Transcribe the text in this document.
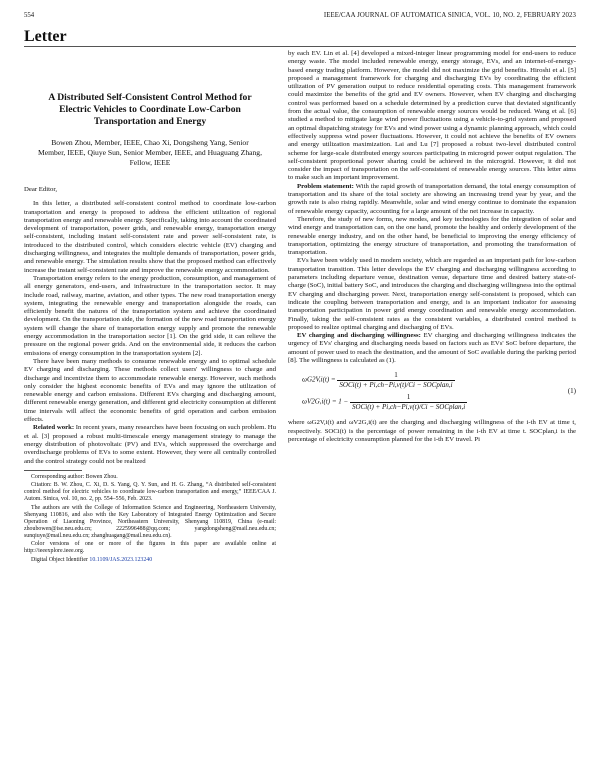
554	IEEE/CAA JOURNAL OF AUTOMATICA SINICA, VOL. 10, NO. 2, FEBRUARY 2023
Letter
A Distributed Self-Consistent Control Method for Electric Vehicles to Coordinate Low-Carbon Transportation and Energy
Bowen Zhou, Member, IEEE, Chao Xi, Dongsheng Yang, Senior Member, IEEE, Qiuye Sun, Senior Member, IEEE, and Huaguang Zhang, Fellow, IEEE
Dear Editor,

In this letter, a distributed self-consistent control method to coordinate low-carbon transportation and energy is proposed to address the efficient utilization of regional transportation energy and renewable energy. Specifically, taking into account the coordinated development of transportation, power grids, and renewable energy, transportation energy self-consistent, including instant self-consistent rate and power self-consistent rate, is introduced to the distributed control, which considers electric vehicle (EV) charging and discharging willingness, and integrates the multiple demands of transportation, power grids, and renewable energy. The simulation results show that the proposed method can effectively increase the instant self-consistent rate and improve the renewable energy accommodation.

Transportation energy refers to the energy production, consumption, and management of all energy generators, end-users, and infrastructure in the transportation sector. It may include road, railway, marine, aviation, and other types. The new road transportation energy system, integrating the renewable energy and transportation alongside the roads, can efficiently benefit the natures of the transportation system and achieve the coordinated development. On the transportation side, the formation of the new road transportation energy system will change the share of transportation energy supply and promote the renewable energy accommodation in the transportation sector [1]. On the grid side, it can relieve the pressure on the regional power grids. And on the environmental side, it reduces the carbon emissions of energy consumption in the transportation system [2].

There have been many methods to consume renewable energy and to optimal schedule EV charging and discharging. These methods collect users' willingness to charge and discharge and incentivize them to accommodate renewable energy. However, such methods only consider the highest economic benefits of EVs and may ignore the utilization of renewable energy and carbon emissions. Different EVs charging and discharging amount, different renewable energy generation, and different grid electricity consumption at different time intervals will affect the economic benefits of grid operation and carbon emission effects.

Related work: In recent years, many researches have been focusing on such problem. Hu et al. [3] proposed a robust multi-timescale energy management strategy to manage the energy distribution of photovoltaic (PV) and EVs, which suppressed the overcharge and overdischarge problems of EVs to some extent. However, they were all centrally controlled and the control strategy could not be realized

Corresponding author: Bowen Zhou.
Citation: B. W. Zhou, C. Xi, D. S. Yang, Q. Y. Sun, and H. G. Zhang, “A distributed self-consistent control method for electric vehicles to coordinate low-carbon transportation and energy,” IEEE/CAA J. Autom. Sinica, vol. 10, no. 2, pp. 554–556, Feb. 2023.
The authors are with the College of Information Science and Engineering, Northeastern University, Shenyang 110816, and also with the Key Laboratory of Integrated Energy Optimization and Secure Operation of Liaoning Province, Northeastern University, Shenyang 110819, China (e-mail: zhoubowen@ise.neu.edu.cn; 2225996488@qq.com; yangdongsheng@mail.neu.edu.cn; sunqiuye@mail.neu.edu.cn; zhanghuagang@mail.neu.edu.cn).
Color versions of one or more of the figures in this paper are available online at http://ieeexplore.ieee.org.
Digital Object Identifier 10.1109/JAS.2023.123240

by each EV. Lin et al. [4] developed a mixed-integer linear programming model for end-users to reduce energy waste. The model included renewable energy, energy storage, EVs, and an internet-of-energy-based energy trading platform. However, the model did not maximize the grid benefits. Hiroshi et al. [5] proposed a management framework for charging and discharging EVs by coordinating the efficient utilization of PV generation output to reduce residential operating costs. This management framework could maximize the benefits of the grid and EV owners. However, when EV charging and discharging control was performed based on a schedule determined by a prediction curve that deviated significantly from the actual value, the consumption of renewable energy sources would be reduced. Wang et al. [6] studied a method to mitigate large wind power fluctuations using a vehicle-to-grid system and proposed an optimal dispatching strategy for EVs and wind power using a dynamic planning approach, which could effectively suppress wind power fluctuations. However, it could not achieve the benefits of EV owners and energy utilization maximization. Lai and Lu [7] proposed a robust two-level distributed control scheme for large-scale distributed energy sources participating in microgrid power output regulation. The self-consistent proportional power sharing could be achieved in the microgrid. However, it did not consider the impact of transportation on the self-consistent of renewable energy sources. This letter aims to make such an important improvement.

Problem statement: With the rapid growth of transportation demand, the total energy consumption of transportation and its share of the total society are showing an increasing trend year by year, and the growth rate is also rising rapidly. Meanwhile, solar and wind energy continue to dominate the expansion of renewable energy capacity, accounting for a large amount of the net increase in capacity.

Therefore, the study of new forms, new modes, and key technologies for the integration of solar and wind energy and transportation can, on the one hand, promote the healthy and orderly development of the renewable energy industry, and on the other hand, be beneficial to improving the energy efficiency of transportation, optimizing the energy structure of transportation, and promoting the transformation of transportation.

EVs have been widely used in modern society, which are regarded as an important path for low-carbon transportation transition. This letter develops the EV charging and discharging willingness according to parameters including departure venue, destination venue, departure time and desired battery state-of-charge (SoC), initial battery SoC, and introduces the charging and discharging willingness into the optimal EV charging and discharging power. Next, transportation energy self-consistent is proposed, which can indicate the coupling between transportation and energy, and is an important indicator for assessing transportation participation in power grid energy coordination and renewable energy accommodation. Finally, taking the self-consistent rates as the consistent variables, a distributed control method is proposed to realize optimal charging and discharging of EVs.

EV charging and discharging willingness: EV charging and discharging willingness indicates the urgency of EVs' charging and discharging needs based on factors such as EVs' SoC before departure, the amount of power used to reach the destination, and the amount of SoC available during the parking period [8]. The willingness is calculated as (1).

$\omega G2V,i(t) = \frac{1}{\text{SOCi(t) + Pi,ch−Pi,v(t)/Ci − SOCplan,i}}$
$\omega V2G,i(t) = 1 - \frac{1}{\text{SOCi(t) + Pi,ch−Pi,v(t)/Ci − SOCplan,i}}$
(1)

where ωG2V,i(t) and ωV2G,i(t) are the charging and discharging willingness of the i-th EV at time t, respectively. SOCi(t) is the percentage of power remaining in the i-th EV at time t. SOCplan,i is the percentage of electricity consumption planned for the i-th EV travel. Pi
